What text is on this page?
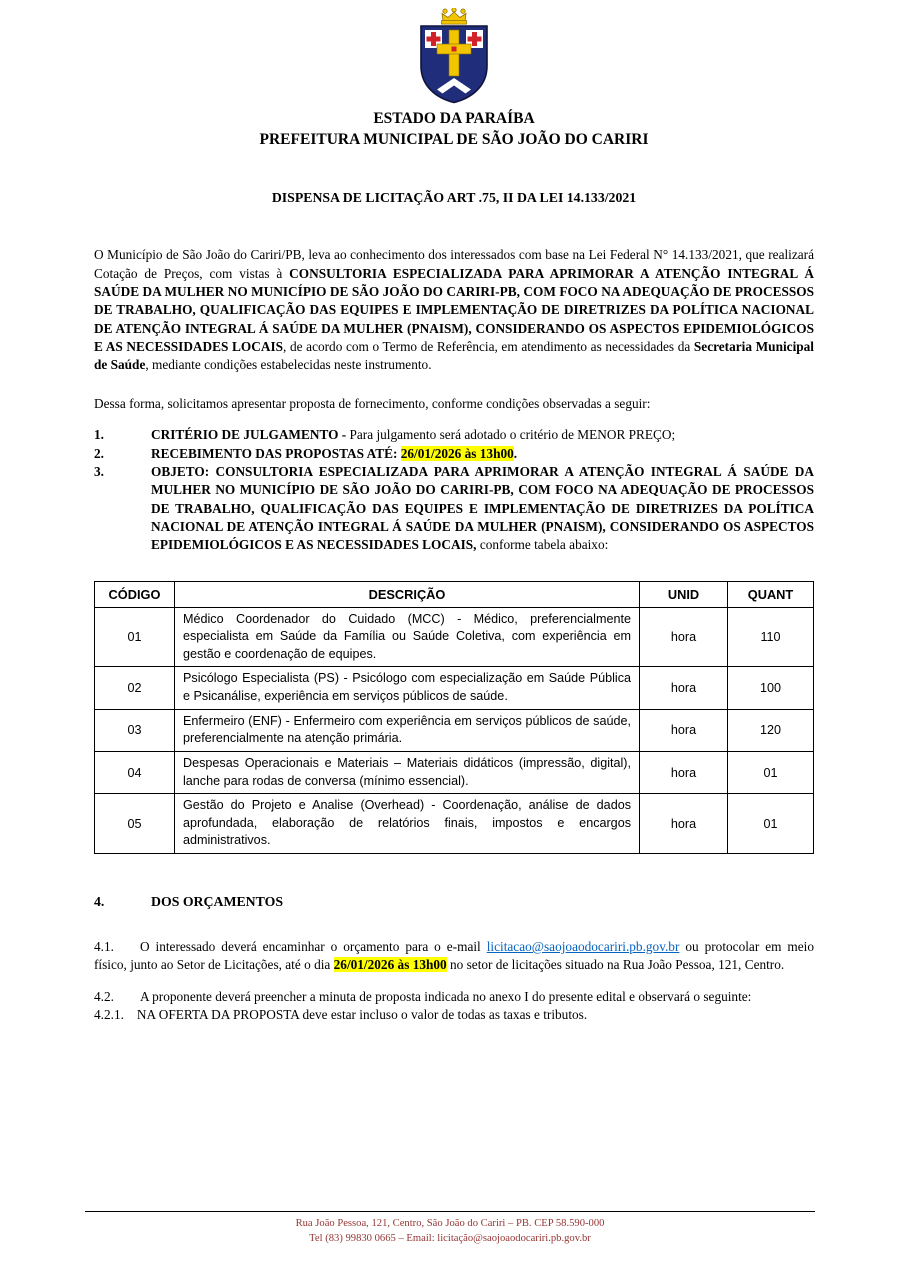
ESTADO DA PARAÍBA
PREFEITURA MUNICIPAL DE SÃO JOÃO DO CARIRI
DISPENSA DE LICITAÇÃO ART .75, II DA LEI 14.133/2021

O Município de São João do Cariri/PB, leva ao conhecimento dos interessados com base na Lei Federal N° 14.133/2021, que realizará Cotação de Preços, com vistas à CONSULTORIA ESPECIALIZADA PARA APRIMORAR A ATENÇÃO INTEGRAL Á SAÚDE DA MULHER NO MUNICÍPIO DE SÃO JOÃO DO CARIRI-PB, COM FOCO NA ADEQUAÇÃO DE PROCESSOS DE TRABALHO, QUALIFICAÇÃO DAS EQUIPES E IMPLEMENTAÇÃO DE DIRETRIZES DA POLÍTICA NACIONAL DE ATENÇÃO INTEGRAL Á SAÚDE DA MULHER (PNAISM), CONSIDERANDO OS ASPECTOS EPIDEMIOLÓGICOS E AS NECESSIDADES LOCAIS, de acordo com o Termo de Referência, em atendimento as necessidades da Secretaria Municipal de Saúde, mediante condições estabelecidas neste instrumento.

Dessa forma, solicitamos apresentar proposta de fornecimento, conforme condições observadas a seguir:

1.	CRITÉRIO DE JULGAMENTO - Para julgamento será adotado o critério de MENOR PREÇO;
2.	RECEBIMENTO DAS PROPOSTAS ATÉ: 26/01/2026 às 13h00.
3.	OBJETO: CONSULTORIA ESPECIALIZADA PARA APRIMORAR A ATENÇÃO INTEGRAL Á SAÚDE DA MULHER NO MUNICÍPIO DE SÃO JOÃO DO CARIRI-PB, COM FOCO NA ADEQUAÇÃO DE PROCESSOS DE TRABALHO, QUALIFICAÇÃO DAS EQUIPES E IMPLEMENTAÇÃO DE DIRETRIZES DA POLÍTICA NACIONAL DE ATENÇÃO INTEGRAL Á SAÚDE DA MULHER (PNAISM), CONSIDERANDO OS ASPECTOS EPIDEMIOLÓGICOS E AS NECESSIDADES LOCAIS, conforme tabela abaixo:
CÓDIGO	DESCRIÇÃO	UNID	QUANT
01	Médico Coordenador do Cuidado (MCC) - Médico, preferencialmente especialista em Saúde da Família ou Saúde Coletiva, com experiência em gestão e coordenação de equipes.	hora	110
02	Psicólogo Especialista (PS) - Psicólogo com especialização em Saúde Pública e Psicanálise, experiência em serviços públicos de saúde.	hora	100
03	Enfermeiro (ENF) - Enfermeiro com experiência em serviços públicos de saúde, preferencialmente na atenção primária.	hora	120
04	Despesas Operacionais e Materiais – Materiais didáticos (impressão, digital), lanche para rodas de conversa (mínimo essencial).	hora	01
05	Gestão do Projeto e Analise (Overhead) - Coordenação, análise de dados aprofundada, elaboração de relatórios finais, impostos e encargos administrativos.	hora	01
4.	DOS ORÇAMENTOS

4.1. O interessado deverá encaminhar o orçamento para o e-mail licitacao@saojoaodocariri.pb.gov.br ou protocolar em meio físico, junto ao Setor de Licitações, até o dia 26/01/2026 às 13h00 no setor de licitações situado na Rua João Pessoa, 121, Centro.

4.2. A proponente deverá preencher a minuta de proposta indicada no anexo I do presente edital e observará o seguinte:

4.2.1. NA OFERTA DA PROPOSTA deve estar incluso o valor de todas as taxas e tributos.

Rua João Pessoa, 121, Centro, São João do Cariri – PB. CEP 58.590-000
Tel (83) 99830 0665 – Email: licitação@saojoaodocariri.pb.gov.br
